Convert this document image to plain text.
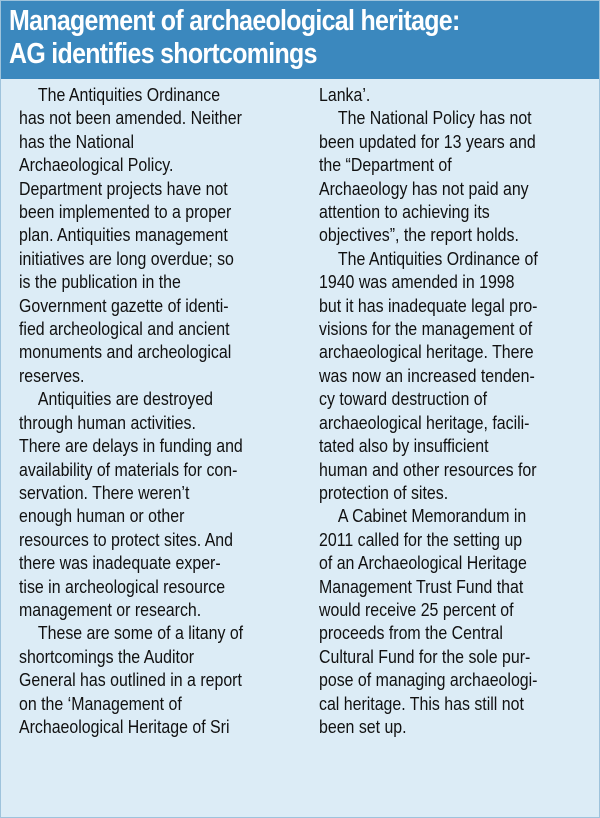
Management of archaeological heritage:
AG identifies shortcomings
The Antiquities Ordinance
has not been amended. Neither
has the National
Archaeological Policy.
Department projects have not
been implemented to a proper
plan. Antiquities management
initiatives are long overdue; so
is the publication in the
Government gazette of identi-
fied archeological and ancient
monuments and archeological
reserves.
Antiquities are destroyed
through human activities.
There are delays in funding and
availability of materials for con-
servation. There weren’t
enough human or other
resources to protect sites. And
there was inadequate exper-
tise in archeological resource
management or research.
These are some of a litany of
shortcomings the Auditor
General has outlined in a report
on the ‘Management of
Archaeological Heritage of Sri
Lanka’.
The National Policy has not
been updated for 13 years and
the “Department of
Archaeology has not paid any
attention to achieving its
objectives”, the report holds.
The Antiquities Ordinance of
1940 was amended in 1998
but it has inadequate legal pro-
visions for the management of
archaeological heritage. There
was now an increased tenden-
cy toward destruction of
archaeological heritage, facili-
tated also by insufficient
human and other resources for
protection of sites.
A Cabinet Memorandum in
2011 called for the setting up
of an Archaeological Heritage
Management Trust Fund that
would receive 25 percent of
proceeds from the Central
Cultural Fund for the sole pur-
pose of managing archaeologi-
cal heritage. This has still not
been set up.
